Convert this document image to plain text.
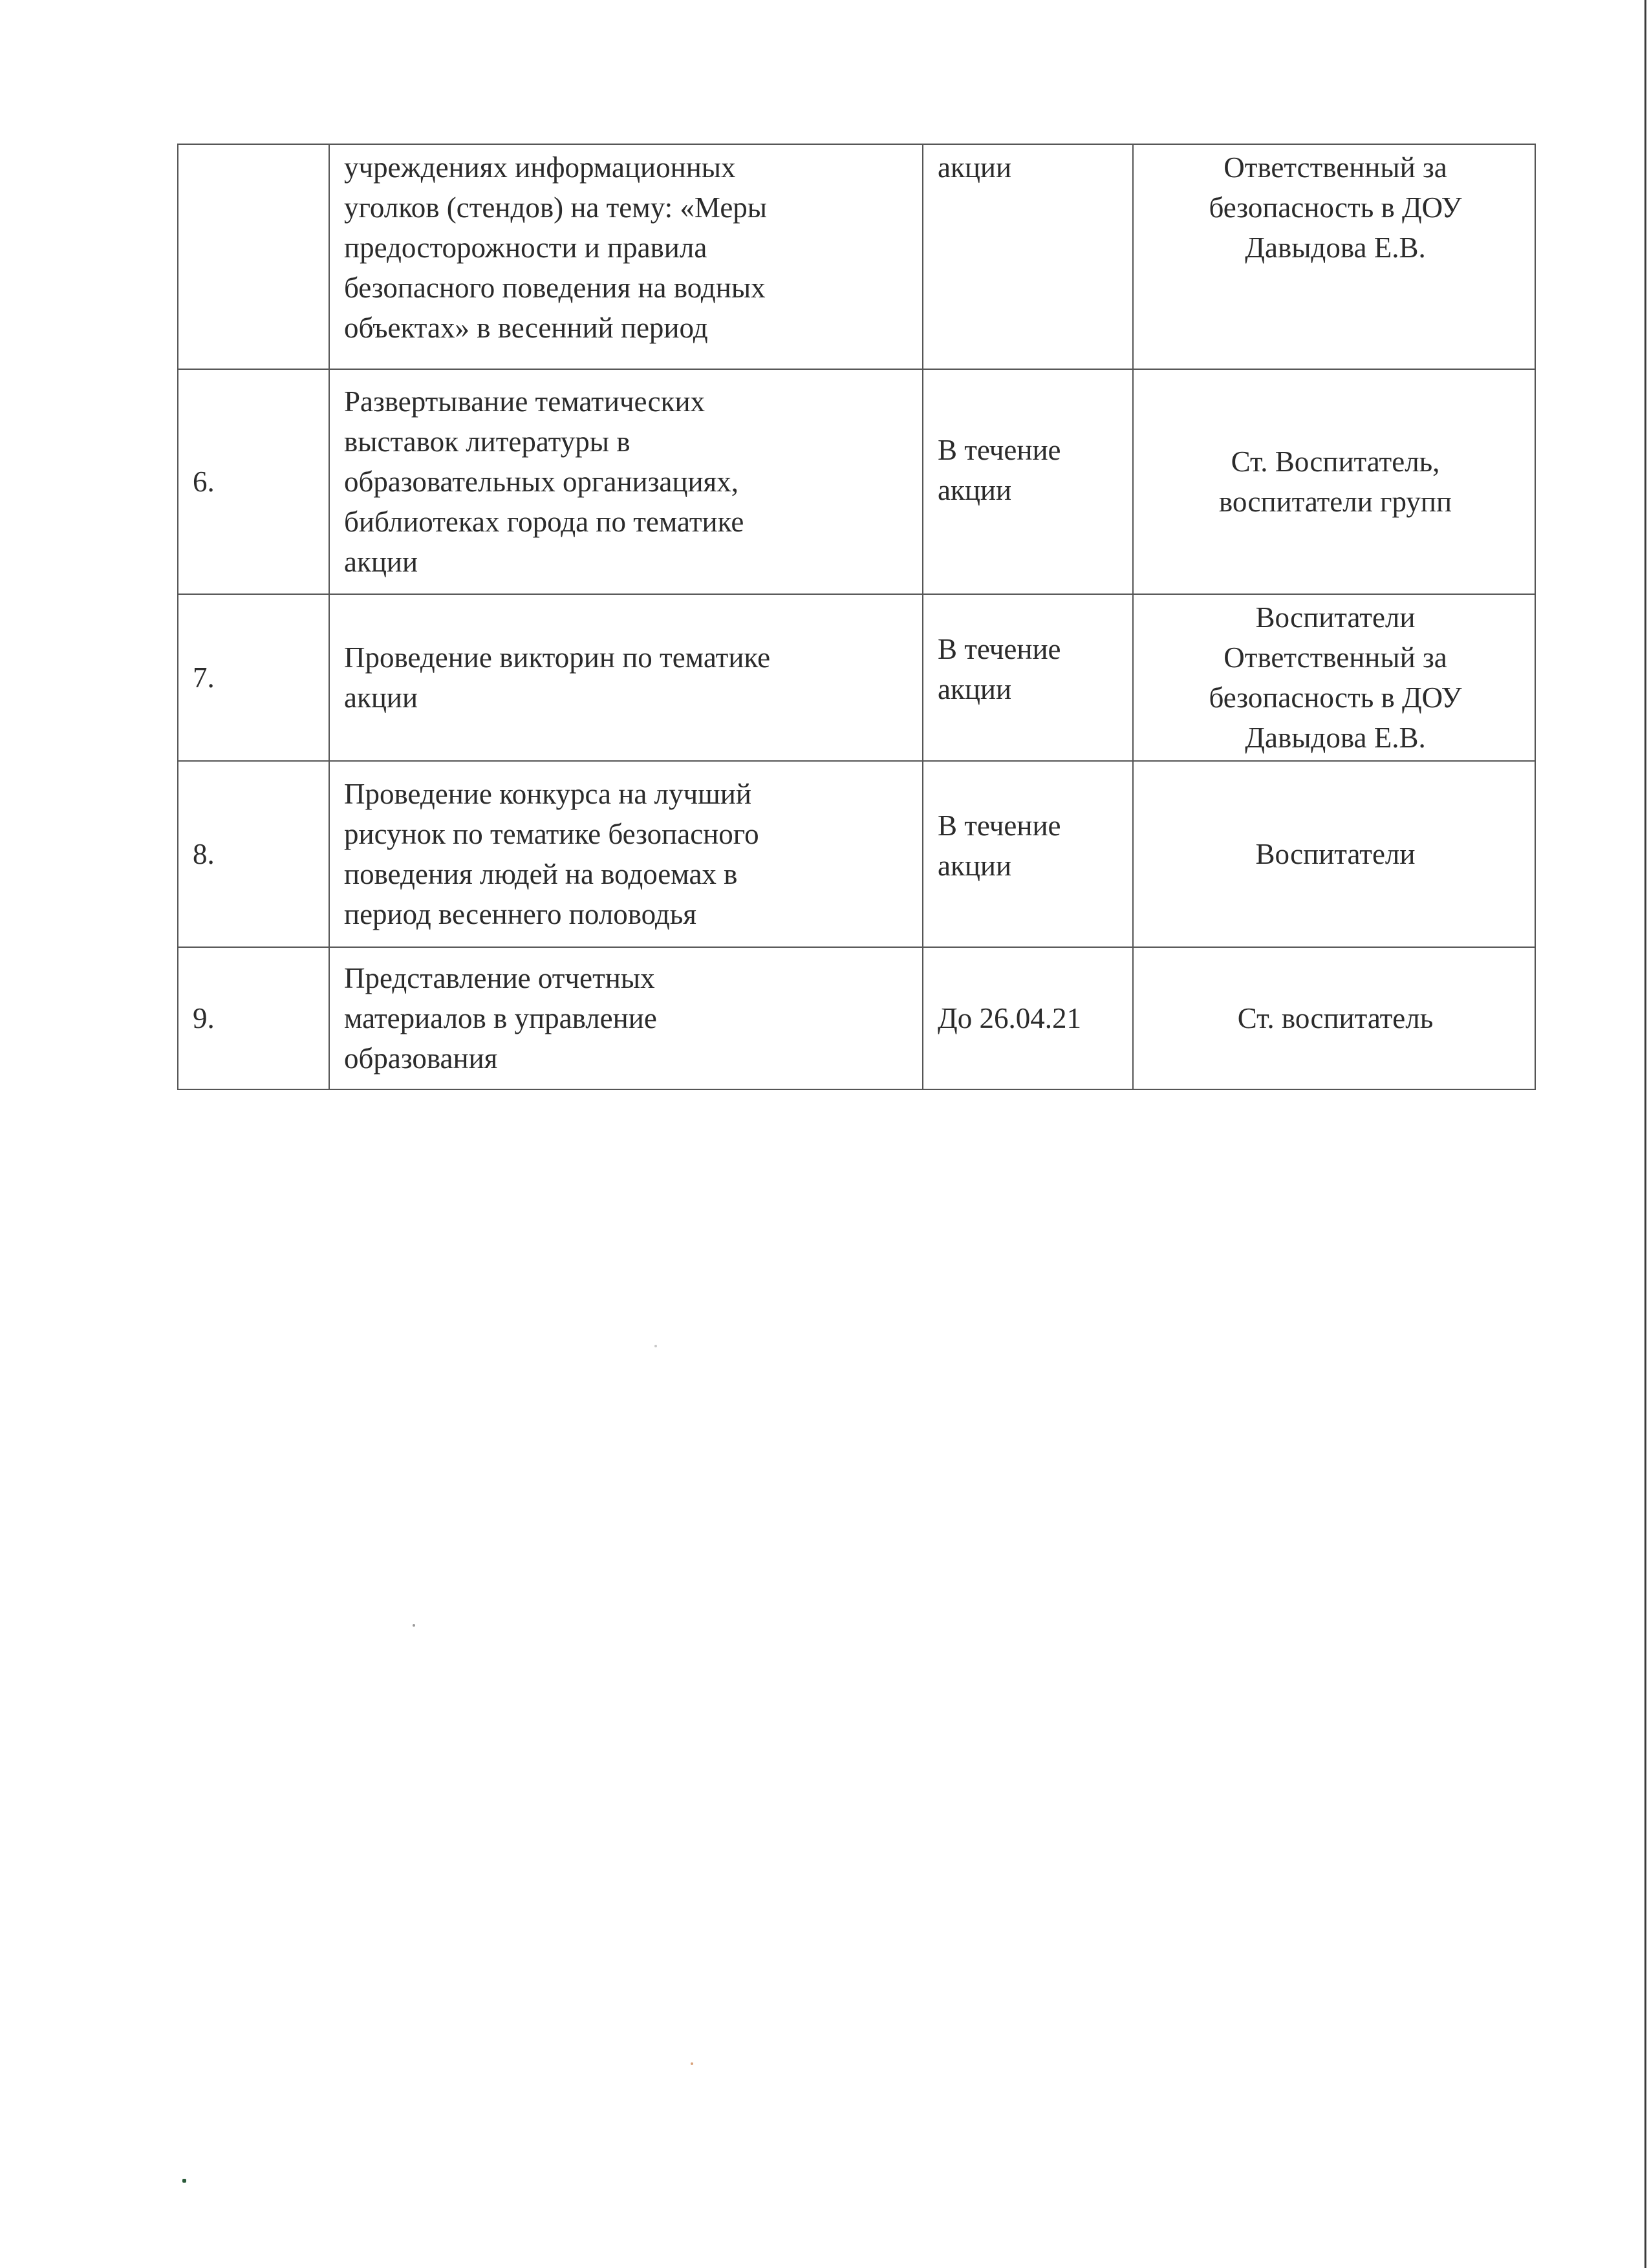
	учреждениях информационных
уголков (стендов) на тему: «Меры
предосторожности и правила
безопасного поведения на водных
объектах» в весенний период	акции	Ответственный за
безопасность в ДОУ
Давыдова Е.В.
6.	Развертывание тематических
выставок литературы в
образовательных организациях,
библиотеках города по тематике
акции	В течение
акции	Ст. Воспитатель,
воспитатели групп
7.	Проведение викторин по тематике
акции	В течение
акции	Воспитатели
Ответственный за
безопасность в ДОУ
Давыдова Е.В.
8.	Проведение конкурса на лучший
рисунок по тематике безопасного
поведения людей на водоемах в
период весеннего половодья	В течение
акции	Воспитатели
9.	Представление отчетных
материалов в управление
образования	До 26.04.21	Ст. воспитатель
